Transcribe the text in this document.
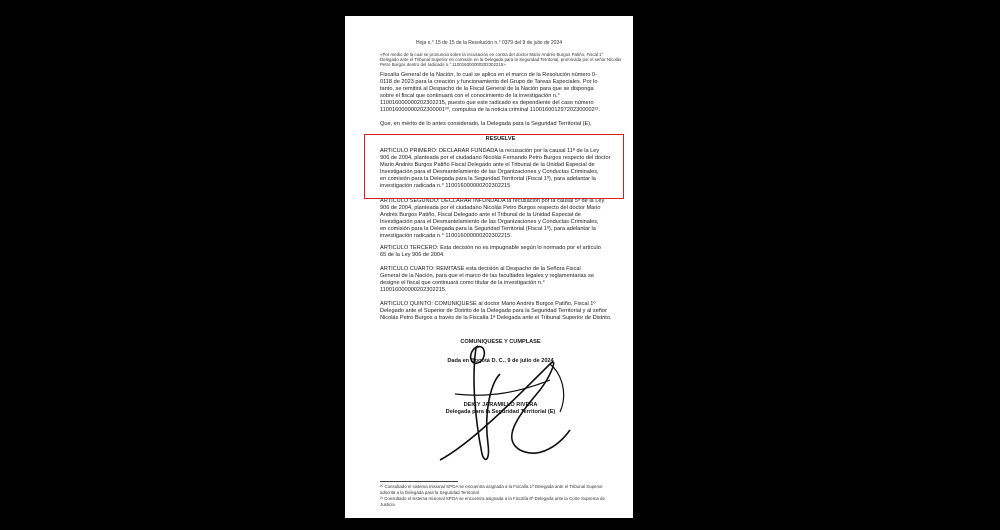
Hoja n.° 15 de 15 de la Resolución n.° 0379 del 9 de julio de 2024
«Por medio de la cual se pronuncia sobre la recusación en contra del doctor Mario Andrés Burgos Patiño, Fiscal 1°
Delegado ante el Tribunal Superior en comisión en la Delegada para la Seguridad Territorial, promovida por el señor Nicolás
Petro Burgos dentro del radicado n.° 110016000000202302215»
Fiscalía General de la Nación, lo cual se aplica en el marco de la Resolución número 0-
0118 de 2023 para la creación y funcionamiento del Grupo de Tareas Especiales. Por lo
tanto, se remitirá al Despacho de la Fiscal General de la Nación para que se disponga
sobre el fiscal que continuará con el conocimiento de la investigación n.°
110016000000202302215, puesto que este radicado es dependiente del caso número
110016000000202300001²⁰, compulsa de la noticia criminal 110016001297202300002²¹.
Que, en mérito de lo antes considerado, la Delegada para la Seguridad Territorial (E),
RESUELVE
ARTÍCULO PRIMERO: DECLARAR FUNDADA la recusación por la causal 11ª de la Ley
906 de 2004, planteada por el ciudadano Nicolás Fernando Petro Burgos respecto del doctor
Mario Andrés Burgos Patiño Fiscal Delegado ante el Tribunal de la Unidad Especial de
Investigación para el Desmantelamiento de las Organizaciones y Conductas Criminales,
en comisión para la Delegada para la Seguridad Territorial (Fiscal 1º), para adelantar la
investigación radicada n.° 110016000000202302215
ARTÍCULO SEGUNDO: DECLARAR INFUNDADA la recusación por la causal 5ª de la Ley
906 de 2004, planteada por el ciudadano Nicolás Petro Burgos respecto del doctor Mario
Andrés Burgos Patiño, Fiscal Delegado ante el Tribunal de la Unidad Especial de
Investigación para el Desmantelamiento de las Organizaciones y Conductas Criminales,
en comisión para la Delegada para la Seguridad Territorial (Fiscal 1º), para adelantar la
investigación radicada n.° 110016000000202302215.
ARTÍCULO TERCERO: Esta decisión no es impugnable según lo normado por el artículo
65 de la Ley 906 de 2004.
ARTÍCULO CUARTO: REMÍTASE esta decisión al Despacho de la Señora Fiscal
General de la Nación, para que el marco de las facultades legales y reglamentarias se
designe el fiscal que continuará como titular de la investigación n.°
110016000000202302215.
ARTÍCULO QUINTO: COMUNÍQUESE al doctor Mario Andrés Burgos Patiño, Fiscal 1º
Delegado ante el Superior de Distrito de la Delegada para la Seguridad Territorial y al señor
Nicolás Petro Burgos a través de la Fiscalía 1ª Delegada ante el Tribunal Superior de Distrito.
COMUNÍQUESE Y CÚMPLASE
Dada en Bogotá D. C., 9 de julio de 2024
DEICY JARAMILLO RIVERA
Delegada para la Seguridad Territorial (E)
²⁰ Consultado el sistema misional SPOA se encuentra asignada a la Fiscalía 1ª Delegada ante el Tribunal Superior
adscrita a la Delegada para la Seguridad Territorial
²¹ Consultado el sistema misional SPOA se encuentra asignada a la Fiscalía 8ª Delegada ante la Corte Suprema de
Justicia
